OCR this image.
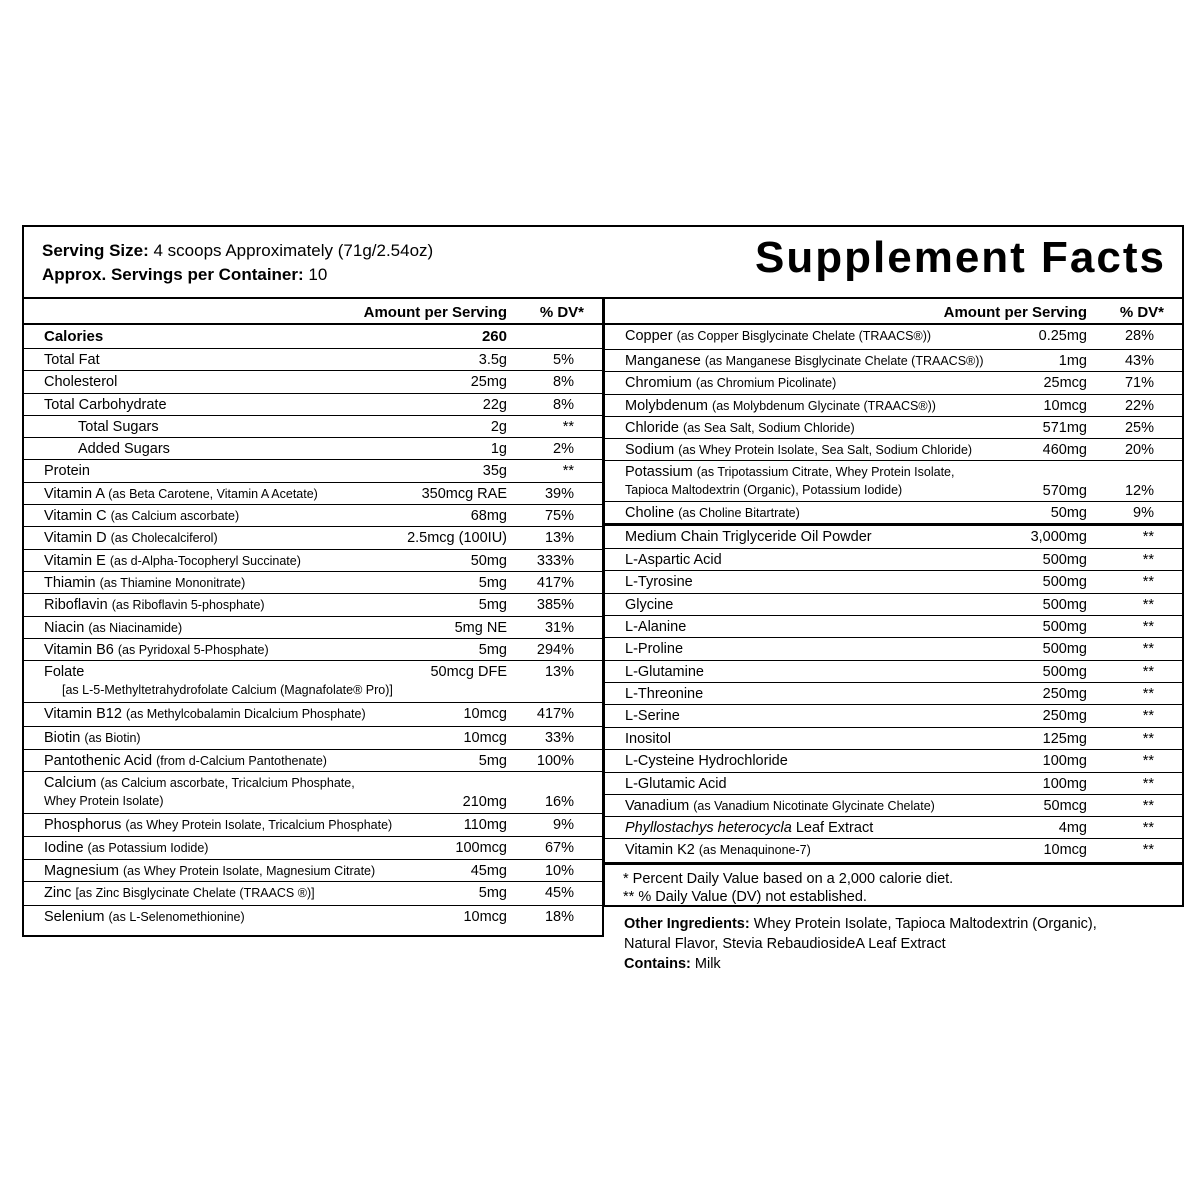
Serving Size: 4 scoops Approximately (71g/2.54oz)
Approx. Servings per Container: 10	Supplement Facts
Amount per Serving % DV*
Calories	260
Total Fat	3.5g	5%
Cholesterol	25mg	8%
Total Carbohydrate	22g	8%
Total Sugars	2g	**
Added Sugars	1g	2%
Protein	35g	**
Vitamin A (as Beta Carotene, Vitamin A Acetate)	350mcg RAE	39%
Vitamin C (as Calcium ascorbate)	68mg	75%
Vitamin D (as Cholecalciferol)	2.5mcg (100IU)	13%
Vitamin E (as d-Alpha-Tocopheryl Succinate)	50mg 333%
Thiamin (as Thiamine Mononitrate)	5mg 417%
Riboflavin (as Riboflavin 5-phosphate)	5mg 385%
Niacin (as Niacinamide)	5mg NE	31%
Vitamin B6 (as Pyridoxal 5-Phosphate)	5mg 294%
Folate
[as L-5-Methyltetrahydrofolate Calcium (Magnafolate® Pro)]
50mcg DFE	13%
Vitamin B12 (as Methylcobalamin Dicalcium Phosphate)	10mcg 417%
Biotin (as Biotin)	10mcg	33%
Pantothenic Acid (from d-Calcium Pantothenate)	5mg 100%
Calcium (as Calcium ascorbate, Tricalcium Phosphate,
Whey Protein Isolate)	210mg	16%
Phosphorus (as Whey Protein Isolate, Tricalcium Phosphate)	110mg	9%
Iodine (as Potassium Iodide)	100mcg	67%
Magnesium (as Whey Protein Isolate, Magnesium Citrate)	45mg	10%
Zinc [as Zinc Bisglycinate Chelate (TRAACS ®)]	5mg	45%
Selenium (as L-Selenomethionine)	10mcg	18%
Amount per Serving % DV*
Copper (as Copper Bisglycinate Chelate (TRAACS®))	0.25mg	28%
Manganese (as Manganese Bisglycinate Chelate (TRAACS®))	1mg	43%
Chromium (as Chromium Picolinate)	25mcg	71%
Molybdenum (as Molybdenum Glycinate (TRAACS®))	10mcg	22%
Chloride (as Sea Salt, Sodium Chloride)	571mg	25%
Sodium (as Whey Protein Isolate, Sea Salt, Sodium Chloride)	460mg	20%
Potassium (as Tripotassium Citrate, Whey Protein Isolate,
Tapioca Maltodextrin (Organic), Potassium Iodide)	570mg	12%
Choline (as Choline Bitartrate)	50mg	9%
Medium Chain Triglyceride Oil Powder	3,000mg	**
L-Aspartic Acid	500mg	**
L-Tyrosine	500mg	**
Glycine	500mg	**
L-Alanine	500mg	**
L-Proline	500mg	**
L-Glutamine	500mg	**
L-Threonine	250mg	**
L-Serine	250mg	**
Inositol	125mg	**
L-Cysteine Hydrochloride	100mg	**
L-Glutamic Acid	100mg	**
Vanadium (as Vanadium Nicotinate Glycinate Chelate)	50mcg	**
Phyllostachys heterocycla Leaf Extract	4mg	**
Vitamin K2 (as Menaquinone-7)	10mcg	**
* Percent Daily Value based on a 2,000 calorie diet.
** % Daily Value (DV) not established.
Other Ingredients: Whey Protein Isolate, Tapioca Maltodextrin (Organic),
Natural Flavor, Stevia RebaudiosideA Leaf Extract
Contains: Milk
